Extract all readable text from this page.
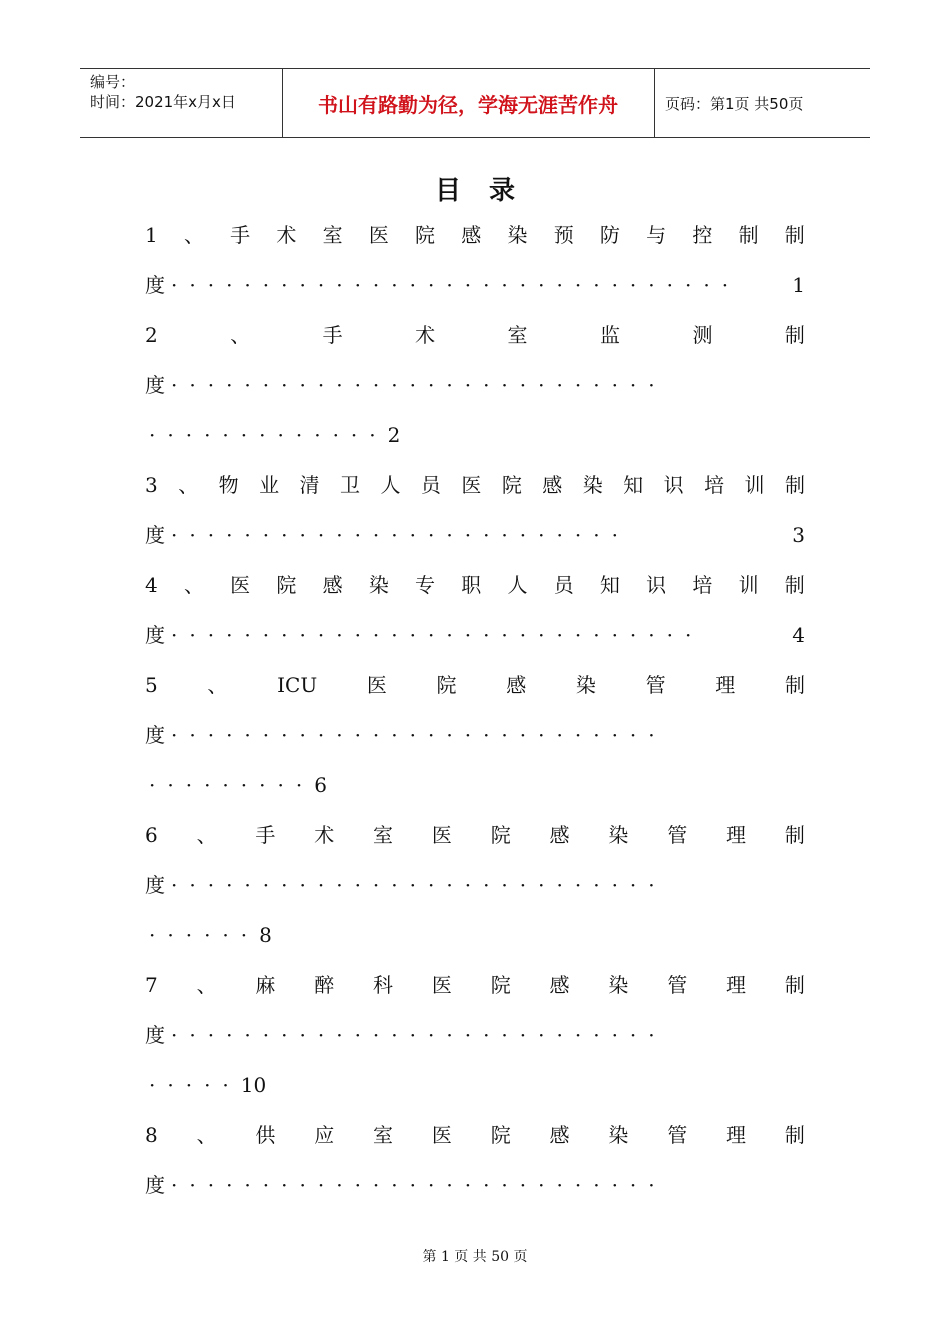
编号：
时间：2021年x月x日	书山有路勤为径，学海无涯苦作舟	页码：第1页 共50页
目录
1 、 手 术 室 医 院 感 染 预 防 与 控 制 制
度 ·······························	1
2	、	手	术	室	监	测	制
度 ···························
·············2
3 、 物 业 清 卫 人 员 医 院 感 染 知 识 培 训 制
度 ·························	3
4 、 医 院 感 染 专 职 人 员 知 识 培 训 制
度 ·····························	4
5 、 ICU 医 院 感 染 管 理 制
度 ···························
·········6
6 、 手 术 室 医 院 感 染 管 理 制
度 ···························
······8
7 、 麻 醉 科 医 院 感 染 管 理 制
度 ···························
·····10
8 、 供 应 室 医 院 感 染 管 理 制
度 ···························
第 1 页 共 50 页
